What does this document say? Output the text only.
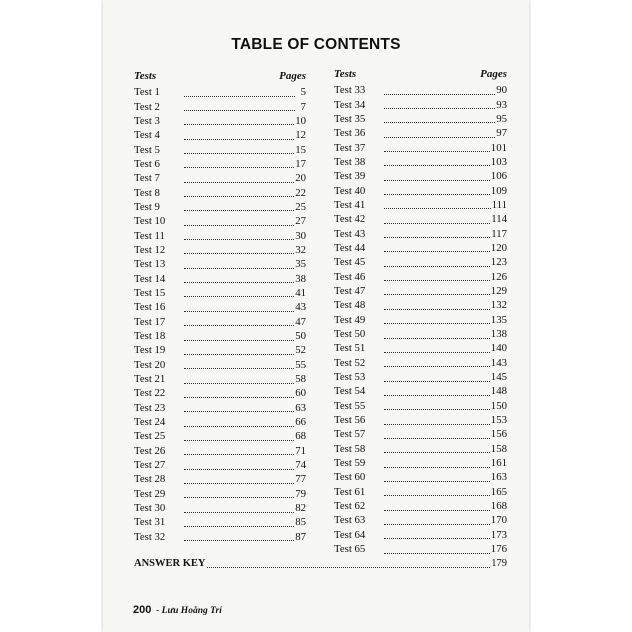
TABLE OF CONTENTS
Tests	Pages
Test 1	5
Test 2	7
Test 3	10
Test 4	12
Test 5	15
Test 6	17
Test 7	20
Test 8	22
Test 9	25
Test 10	27
Test 11	30
Test 12	32
Test 13	35
Test 14	38
Test 15	41
Test 16	43
Test 17	47
Test 18	50
Test 19	52
Test 20	55
Test 21	58
Test 22	60
Test 23	63
Test 24	66
Test 25	68
Test 26	71
Test 27	74
Test 28	77
Test 29	79
Test 30	82
Test 31	85
Test 32	87
Tests	Pages
Test 33	90
Test 34	93
Test 35	95
Test 36	97
Test 37	101
Test 38	103
Test 39	106
Test 40	109
Test 41	111
Test 42	114
Test 43	117
Test 44	120
Test 45	123
Test 46	126
Test 47	129
Test 48	132
Test 49	135
Test 50	138
Test 51	140
Test 52	143
Test 53	145
Test 54	148
Test 55	150
Test 56	153
Test 57	156
Test 58	158
Test 59	161
Test 60	163
Test 61	165
Test 62	168
Test 63	170
Test 64	173
Test 65	176
ANSWER KEY	179
200 - Lưu Hoằng Trí
